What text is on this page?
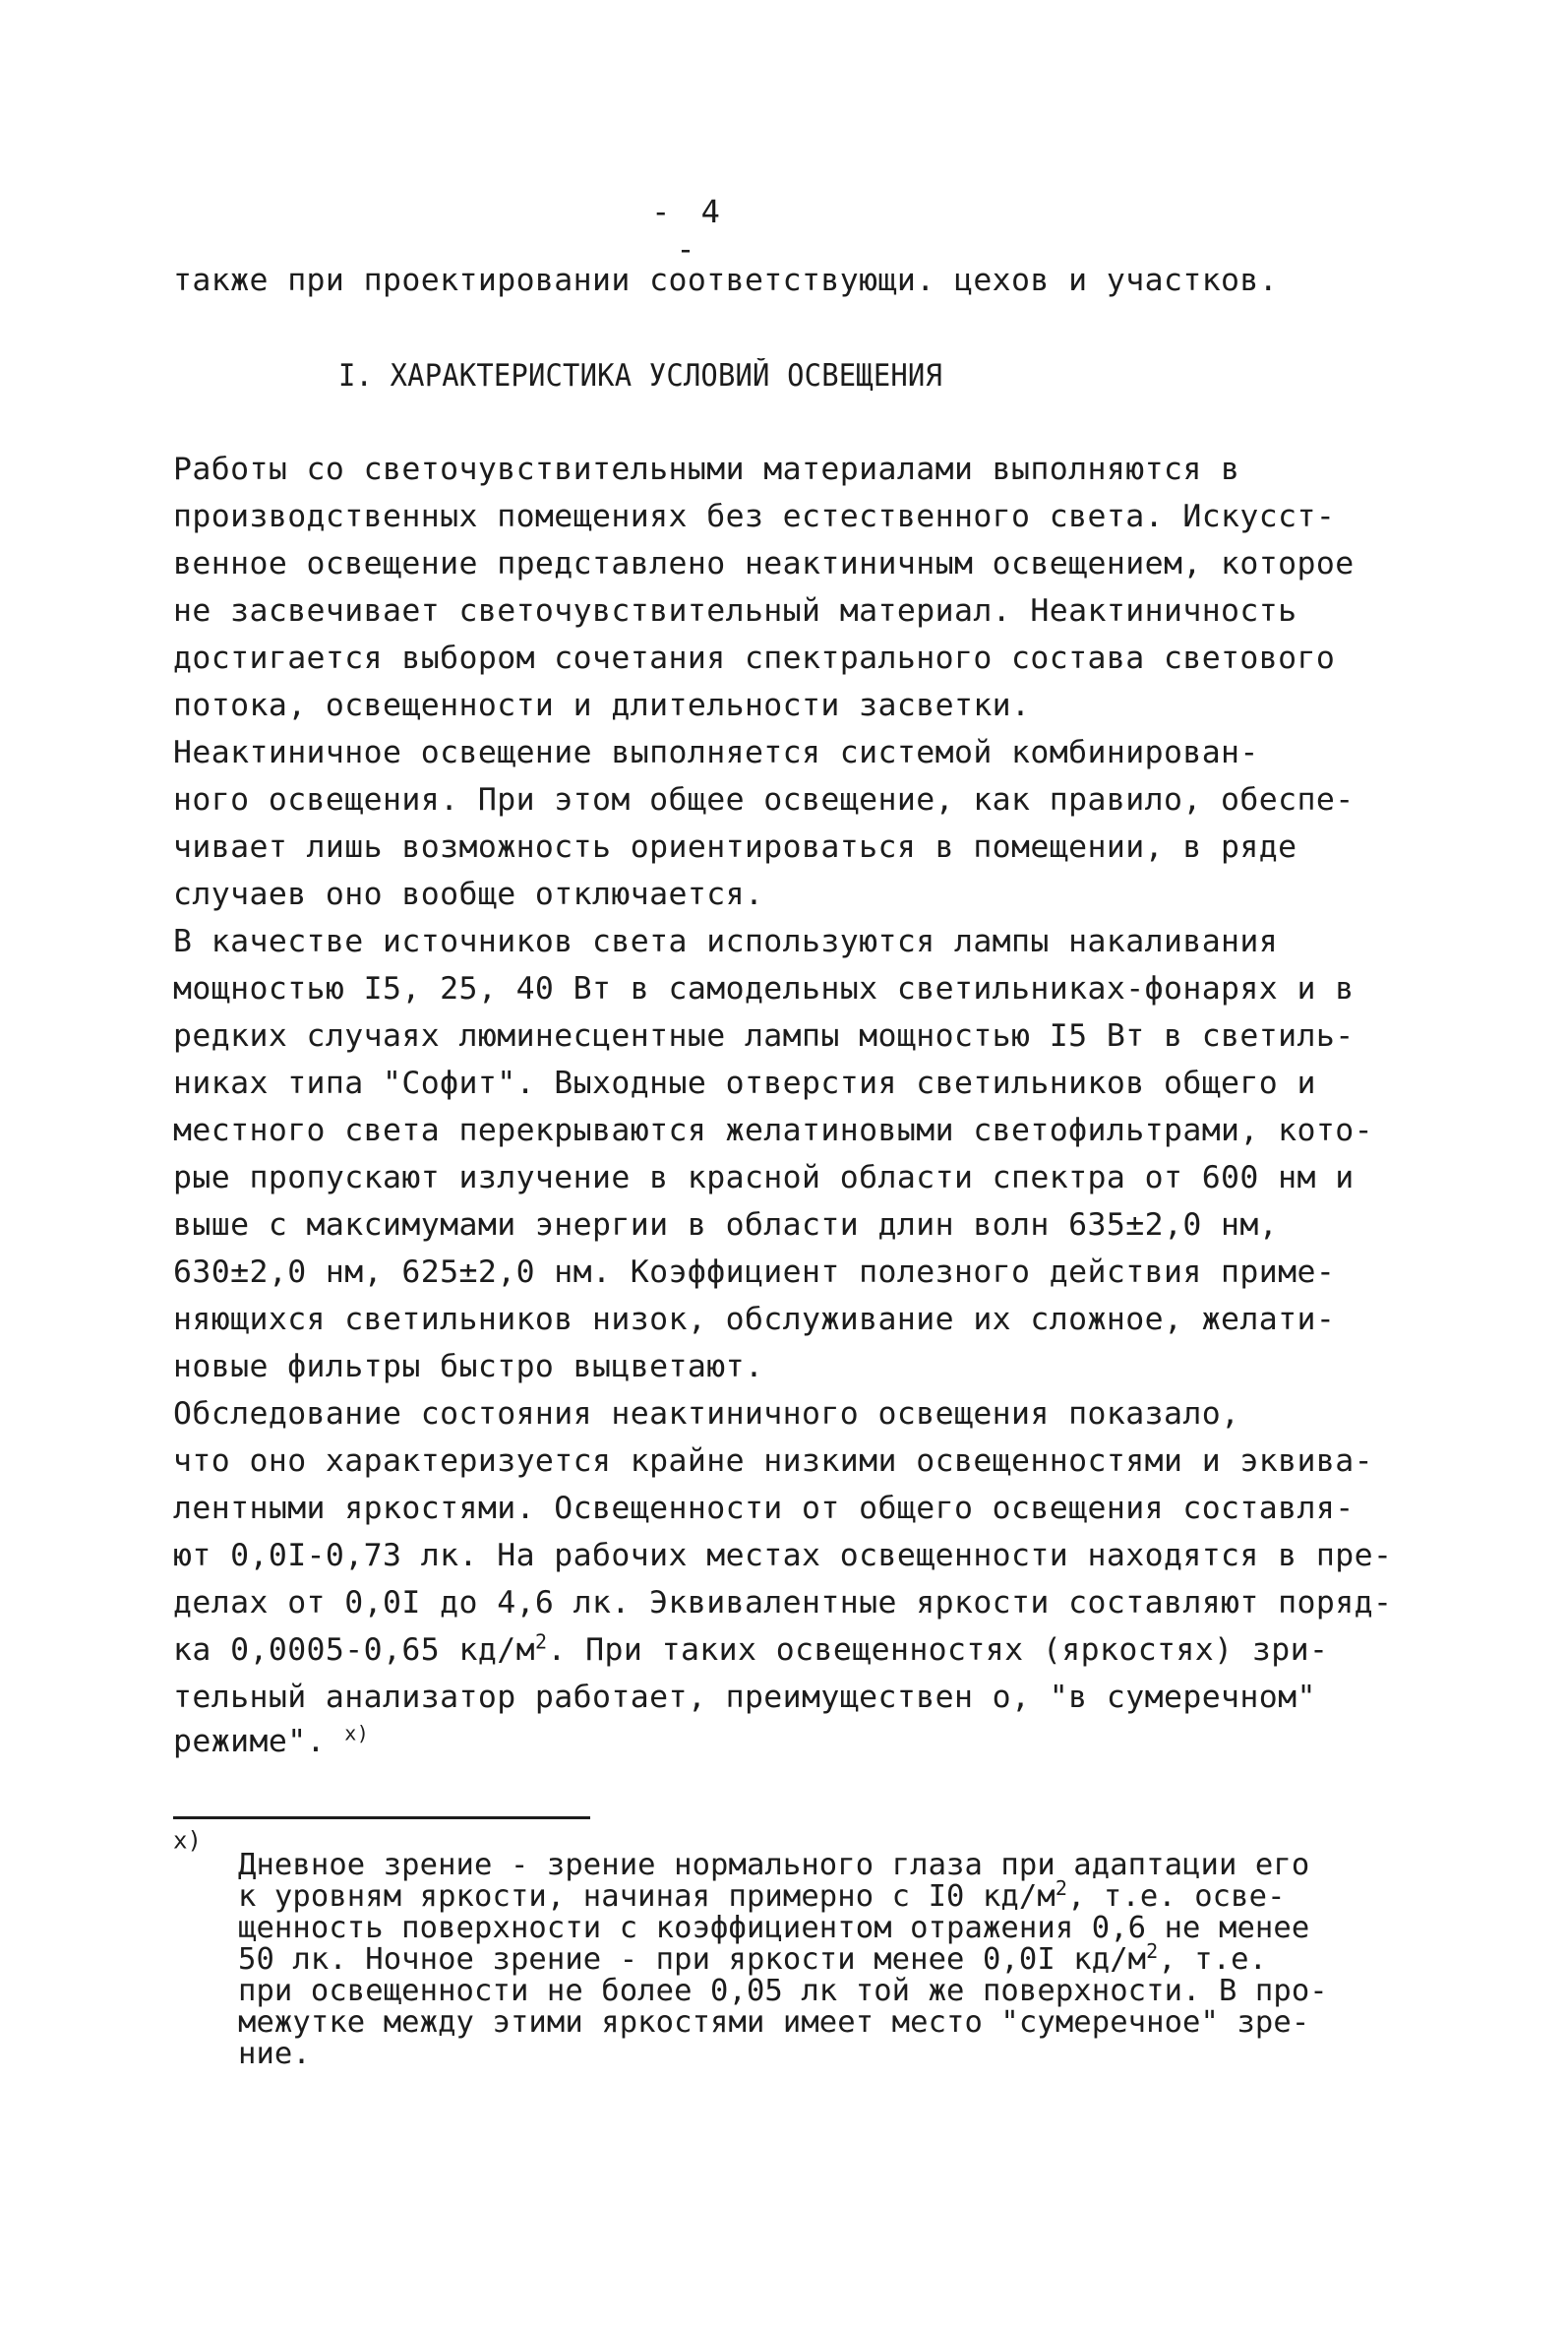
- 4 -
также при проектировании соответствующи. цехов и участков.
I. ХАРАКТЕРИСТИКА УСЛОВИЙ ОСВЕЩЕНИЯ
Работы со светочувствительными материалами выполняются в
производственных помещениях без естественного света. Искусст-
венное освещение представлено неактиничным освещением, которое
не засвечивает светочувствительный материал. Неактиничность
достигается выбором сочетания спектрального состава светового
потока, освещенности и длительности засветки.
Неактиничное освещение выполняется системой комбинирован-
ного освещения. При этом общее освещение, как правило, обеспе-
чивает лишь возможность ориентироваться в помещении, в ряде
случаев оно вообще отключается.
В качестве источников света используются лампы накаливания
мощностью I5, 25, 40 Вт в самодельных светильниках-фонарях и в
редких случаях люминесцентные лампы мощностью I5 Вт в светиль-
никах типа "Софит". Выходные отверстия светильников общего и
местного света перекрываются желатиновыми светофильтрами, кото-
рые пропускают излучение в красной области спектра от 600 нм и
выше с максимумами энергии в области длин волн 635±2,0 нм,
630±2,0 нм, 625±2,0 нм. Коэффициент полезного действия приме-
няющихся светильников низок, обслуживание их сложное, желати-
новые фильтры быстро выцветают.
Обследование состояния неактиничного освещения показало,
что оно характеризуется крайне низкими освещенностями и эквива-
лентными яркостями. Освещенности от общего освещения составля-
ют 0,0I-0,73 лк. На рабочих местах освещенности находятся в пре-
делах от 0,0I до 4,6 лк. Эквивалентные яркости составляют поряд-
ка 0,0005-0,65 $кд/м^2$. При таких освещенностях (яркостях) зри-
тельный анализатор работает, преимуществен о, "в сумеречном"
режиме". $^{x)}$
$^{x)}$
Дневное зрение - зрение нормального глаза при адаптации его
к уровням яркости, начиная примерно с I0 $кд/м^2$, т.е. осве-
щенность поверхности с коэффициентом отражения 0,6 не менее
50 лк. Ночное зрение - при яркости менее 0,0I $кд/м^2$, т.е.
при освещенности не более 0,05 лк той же поверхности. В про-
межутке между этими яркостями имеет место "сумеречное" зре-
ние.
